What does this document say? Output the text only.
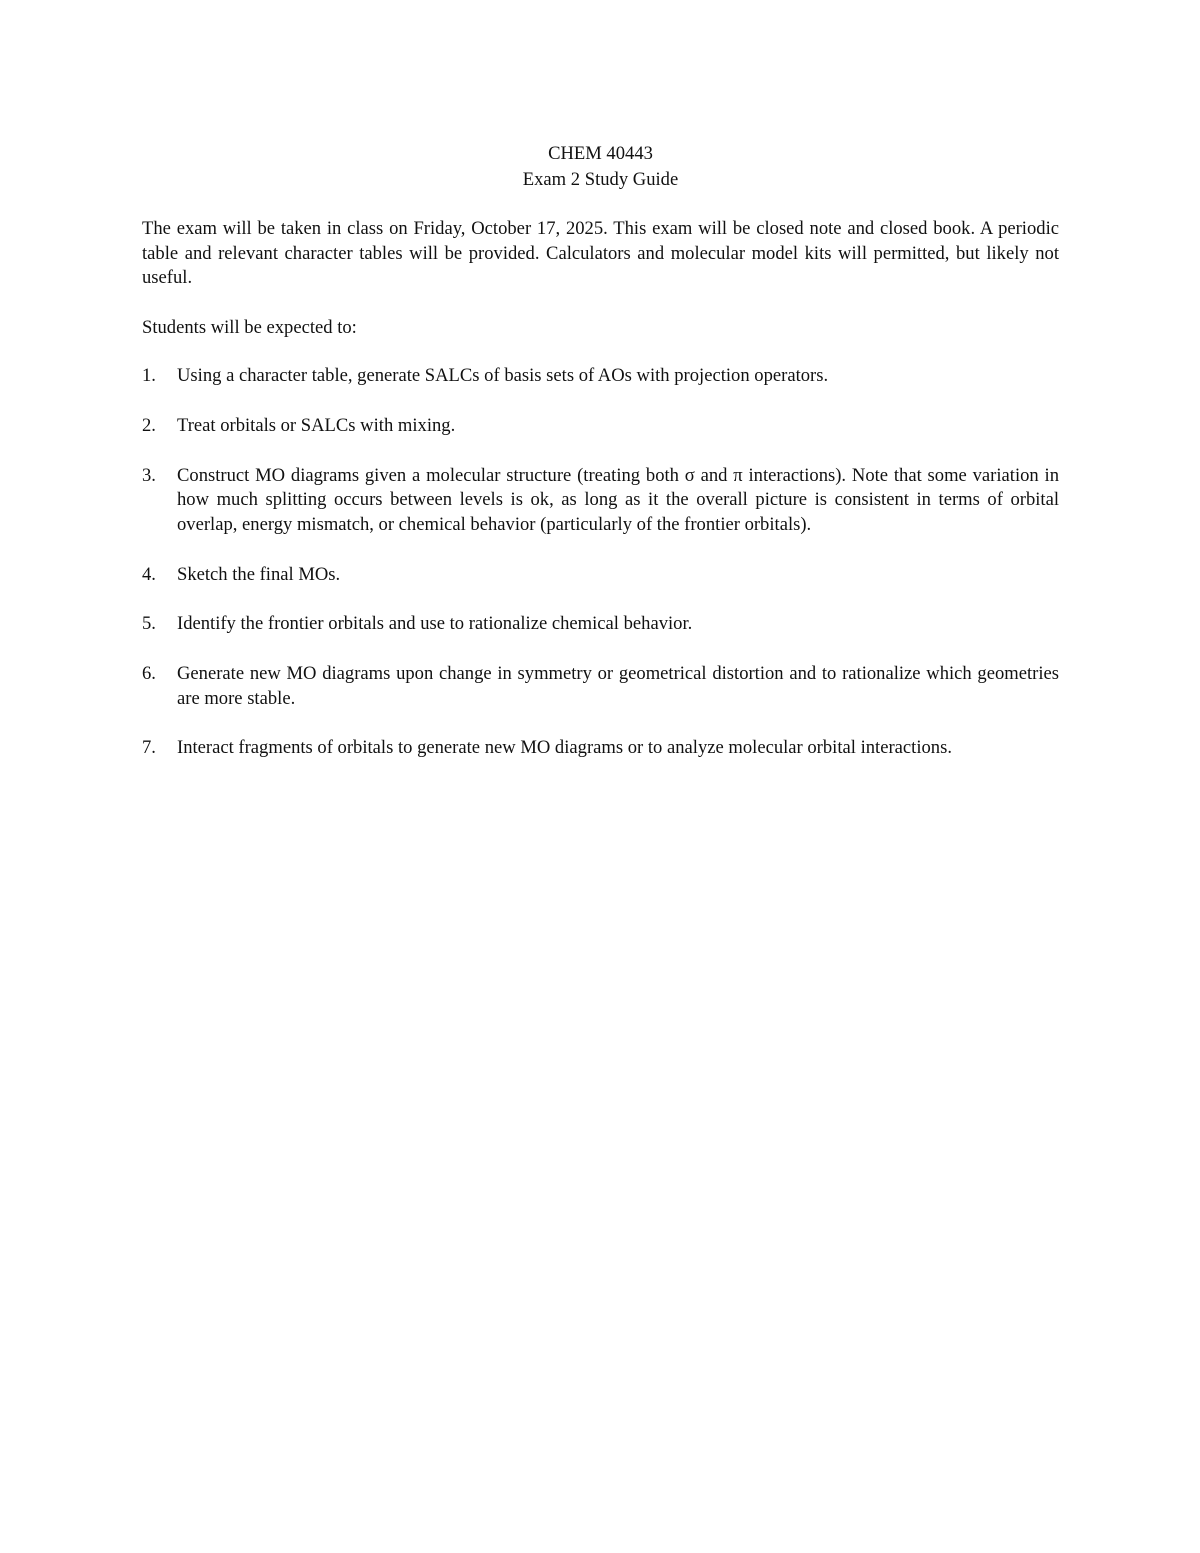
CHEM 40443
Exam 2 Study Guide

The exam will be taken in class on Friday, October 17, 2025. This exam will be closed note and closed book. A periodic table and relevant character tables will be provided. Calculators and molecular model kits will permitted, but likely not useful.

Students will be expected to:

1.	Using a character table, generate SALCs of basis sets of AOs with projection operators.
2.	Treat orbitals or SALCs with mixing.
3.	Construct MO diagrams given a molecular structure (treating both σ and π interactions). Note that some variation in how much splitting occurs between levels is ok, as long as it the overall picture is consistent in terms of orbital overlap, energy mismatch, or chemical behavior (particularly of the frontier orbitals).
4.	Sketch the final MOs.
5.	Identify the frontier orbitals and use to rationalize chemical behavior.
6.	Generate new MO diagrams upon change in symmetry or geometrical distortion and to rationalize which geometries are more stable.
7.	Interact fragments of orbitals to generate new MO diagrams or to analyze molecular orbital interactions.
